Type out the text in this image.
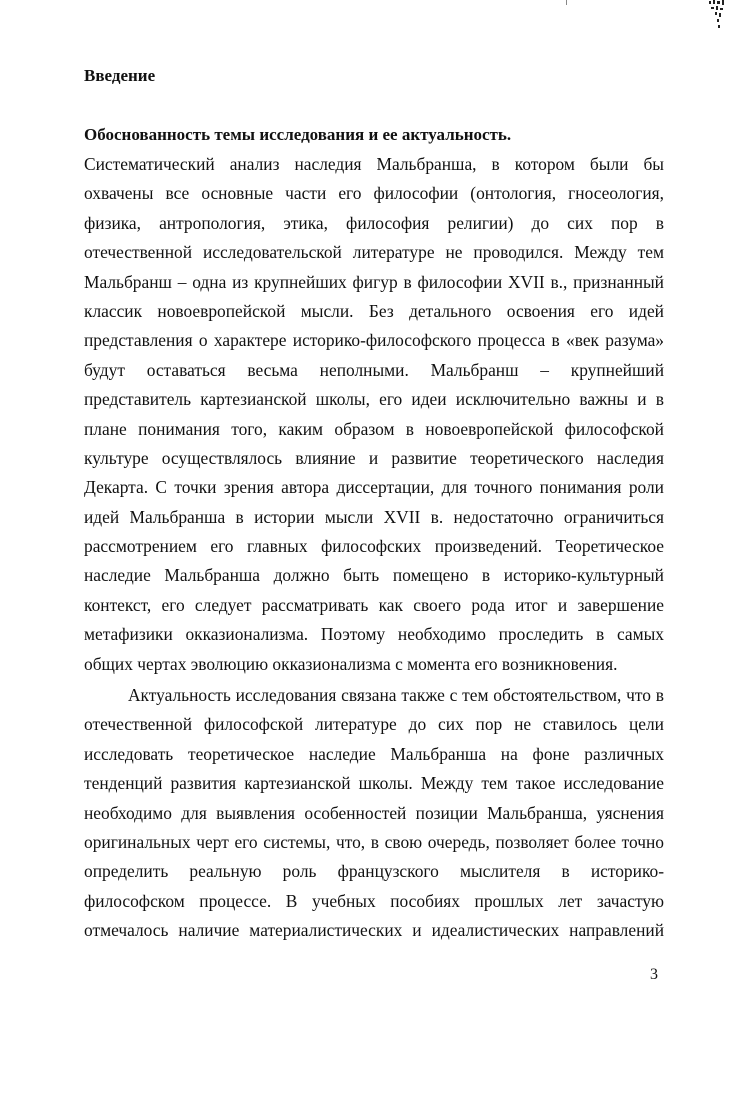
Введение
Обоснованность темы исследования и ее актуальность.
Систематический анализ наследия Мальбранша, в котором были бы
охвачены все основные части его философии (онтология, гносеология,
физика, антропология, этика, философия религии) до сих пор в
отечественной исследовательской литературе не проводился. Между тем
Мальбранш – одна из крупнейших фигур в философии XVII в., признанный
классик новоевропейской мысли. Без детального освоения его идей
представления о характере историко-философского процесса в «век разума»
будут оставаться весьма неполными. Мальбранш – крупнейший
представитель картезианской школы, его идеи исключительно важны и в
плане понимания того, каким образом в новоевропейской философской
культуре осуществлялось влияние и развитие теоретического наследия
Декарта. С точки зрения автора диссертации, для точного понимания роли
идей Мальбранша в истории мысли XVII в. недостаточно ограничиться
рассмотрением его главных философских произведений. Теоретическое
наследие Мальбранша должно быть помещено в историко-культурный
контекст, его следует рассматривать как своего рода итог и завершение
метафизики окказионализма. Поэтому необходимо проследить в самых
общих чертах эволюцию окказионализма с момента его возникновения.
Актуальность исследования связана также с тем обстоятельством, что в
отечественной философской литературе до сих пор не ставилось цели
исследовать теоретическое наследие Мальбранша на фоне различных
тенденций развития картезианской школы. Между тем такое исследование
необходимо для выявления особенностей позиции Мальбранша, уяснения
оригинальных черт его системы, что, в свою очередь, позволяет более точно
определить реальную роль французского мыслителя в историко-
философском процессе. В учебных пособиях прошлых лет зачастую
отмечалось наличие материалистических и идеалистических направлений
3
